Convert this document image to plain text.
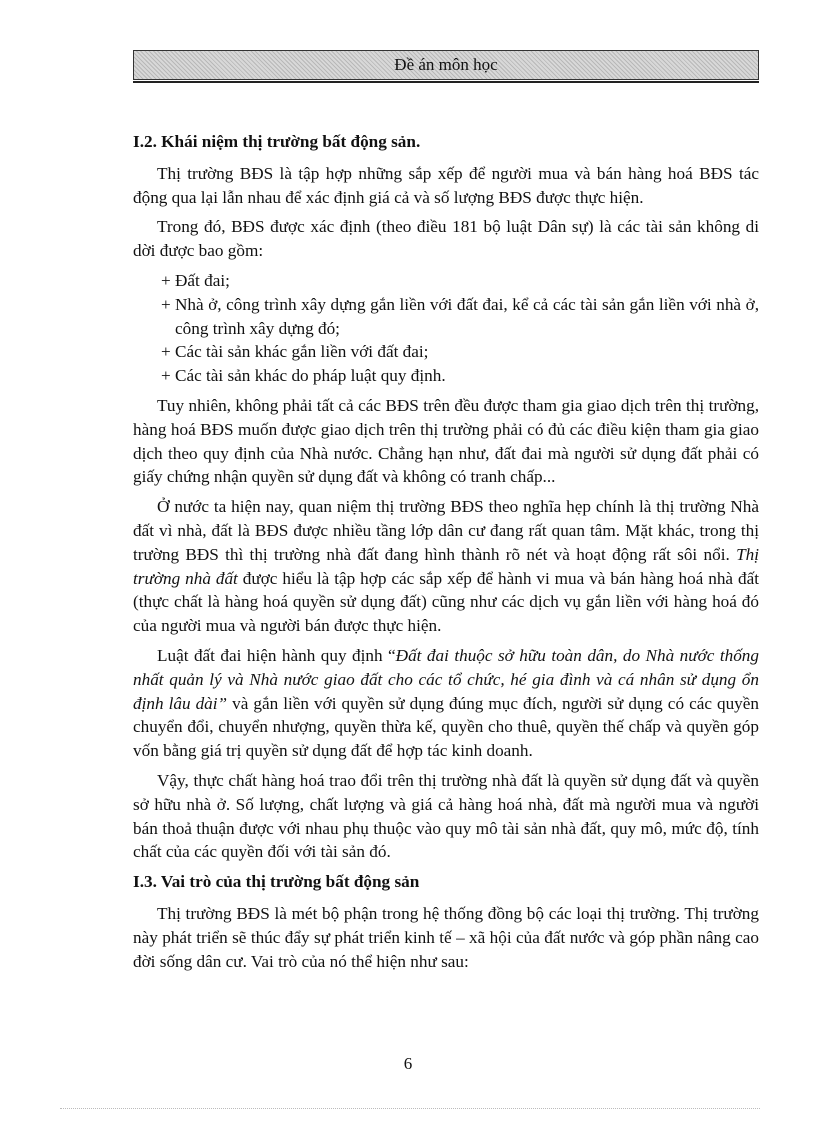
Đề án môn học
I.2. Khái niệm thị trường bất động sản.

Thị trường BĐS là tập hợp những sắp xếp để người mua và bán hàng hoá BĐS tác động qua lại lẫn nhau để xác định giá cả và số lượng BĐS được thực hiện.

Trong đó, BĐS được xác định (theo điều 181 bộ luật Dân sự) là các tài sản không di dời được bao gồm:

+ Đất đai;
+ Nhà ở, công trình xây dựng gắn liền với đất đai, kể cả các tài sản gắn liền với nhà ở, công trình xây dựng đó;
+ Các tài sản khác gắn liền với đất đai;
+ Các tài sản khác do pháp luật quy định.

Tuy nhiên, không phải tất cả các BĐS trên đều được tham gia giao dịch trên thị trường, hàng hoá BĐS muốn được giao dịch trên thị trường phải có đủ các điều kiện tham gia giao dịch theo quy định của Nhà nước. Chẳng hạn như, đất đai mà người sử dụng đất phải có giấy chứng nhận quyền sử dụng đất và không có tranh chấp...

Ở nước ta hiện nay, quan niệm thị trường BĐS theo nghĩa hẹp chính là thị trường Nhà đất vì nhà, đất là BĐS được nhiều tầng lớp dân cư đang rất quan tâm. Mặt khác, trong thị trường BĐS thì thị trường nhà đất đang hình thành rõ nét và hoạt động rất sôi nổi. Thị trường nhà đất được hiểu là tập hợp các sắp xếp để hành vi mua và bán hàng hoá nhà đất (thực chất là hàng hoá quyền sử dụng đất) cũng như các dịch vụ gắn liền với hàng hoá đó của người mua và người bán được thực hiện.

Luật đất đai hiện hành quy định “Đất đai thuộc sở hữu toàn dân, do Nhà nước thống nhất quản lý và Nhà nước giao đất cho các tổ chức, hé gia đình và cá nhân sử dụng ổn định lâu dài” và gắn liền với quyền sử dụng đúng mục đích, người sử dụng có các quyền chuyển đổi, chuyển nhượng, quyền thừa kế, quyền cho thuê, quyền thế chấp và quyền góp vốn bằng giá trị quyền sử dụng đất để hợp tác kinh doanh.

Vậy, thực chất hàng hoá trao đổi trên thị trường nhà đất là quyền sử dụng đất và quyền sở hữu nhà ở. Số lượng, chất lượng và giá cả hàng hoá nhà, đất mà người mua và người bán thoả thuận được với nhau phụ thuộc vào quy mô tài sản nhà đất, quy mô, mức độ, tính chất của các quyền đối với tài sản đó.

I.3. Vai trò của thị trường bất động sản

Thị trường BĐS là mét bộ phận trong hệ thống đồng bộ các loại thị trường. Thị trường này phát triển sẽ thúc đẩy sự phát triển kinh tế – xã hội của đất nước và góp phần nâng cao đời sống dân cư. Vai trò của nó thể hiện như sau:

6
